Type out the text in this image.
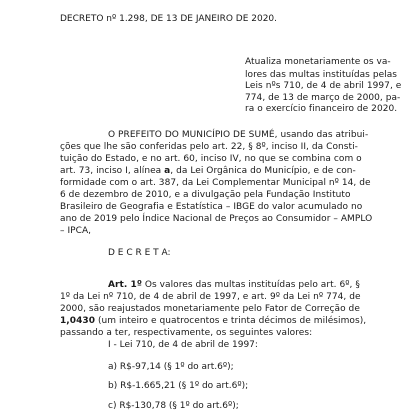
DECRETO nº 1.298, DE 13 DE JANEIRO DE 2020.
Atualiza monetariamente os va-
lores das multas instituídas pelas
Leis nºs 710, de 4 de abril 1997, e
774, de 13 de março de 2000, pa-
ra o exercício financeiro de 2020.
O PREFEITO DO MUNICÍPIO DE SUMÉ, usando das atribui-
ções que lhe são conferidas pelo art. 22, § 8º, inciso II, da Consti-
tuição do Estado, e no art. 60, inciso IV, no que se combina com o
art. 73, inciso I, alínea a, da Lei Orgânica do Município, e de con-
formidade com o art. 387, da Lei Complementar Municipal nº 14, de
6 de dezembro de 2010, e a divulgação pela Fundação Instituto
Brasileiro de Geografia e Estatística – IBGE do valor acumulado no
ano de 2019 pelo Índice Nacional de Preços ao Consumidor – AMPLO
– IPCA,
D E C R E T A:
Art. 1º Os valores das multas instituídas pelo art. 6º, §
1º da Lei nº 710, de 4 de abril de 1997, e art. 9º da Lei nº 774, de
2000, são reajustados monetariamente pelo Fator de Correção de
1,0430 (um inteiro e quatrocentos e trinta décimos de milésimos),
passando a ter, respectivamente, os seguintes valores:
I - Lei 710, de 4 de abril de 1997:
a) R$-97,14 (§ 1º do art.6º);
b) R$-1.665,21 (§ 1º do art.6º);
c) R$-130,78 (§ 1º do art.6º);
